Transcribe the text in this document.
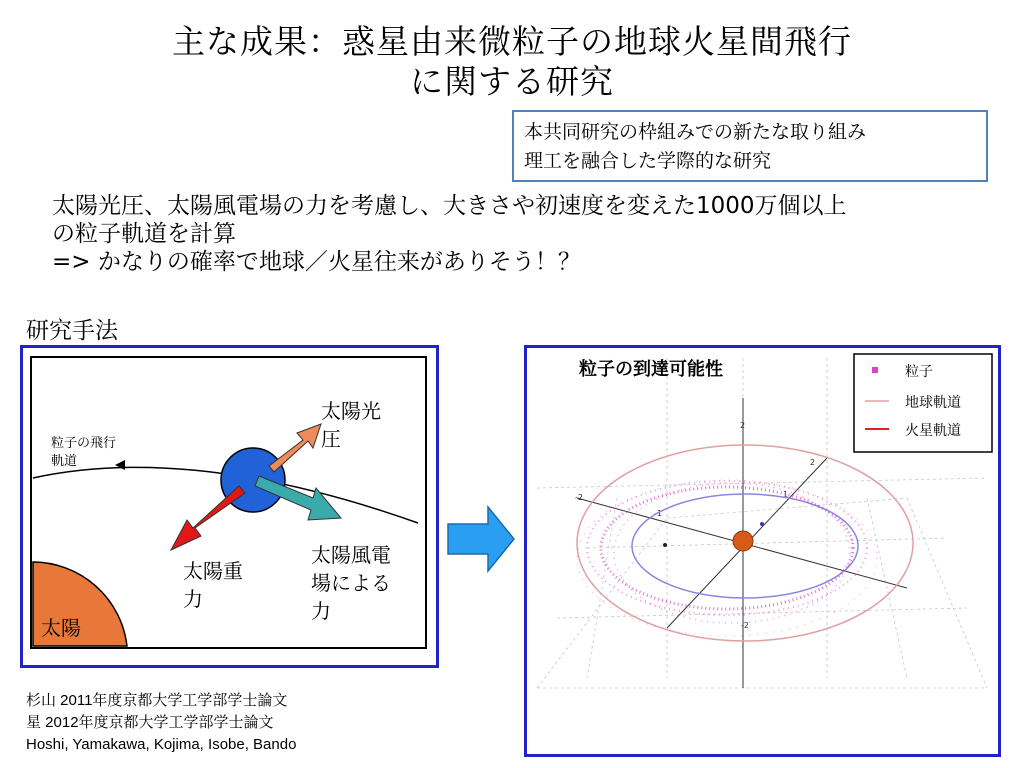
主な成果：惑星由来微粒子の地球火星間飛行
に関する研究
本共同研究の枠組みでの新たな取り組み
理工を融合した学際的な研究
太陽光圧、太陽風電場の力を考慮し、大きさや初速度を変えた1000万個以上
の粒子軌道を計算
=> かなりの確率で地球／火星往来がありそう！？
研究手法
太陽
粒子の飛行
軌道
太陽光
圧
太陽重
力
太陽風電
場による
力
2
2
-2	1
-1
-2
粒子の到達可能性	粒子
地球軌道
火星軌道
杉山 2011年度京都大学工学部学士論文
星 2012年度京都大学工学部学士論文
Hoshi, Yamakawa, Kojima, Isobe, Bando
